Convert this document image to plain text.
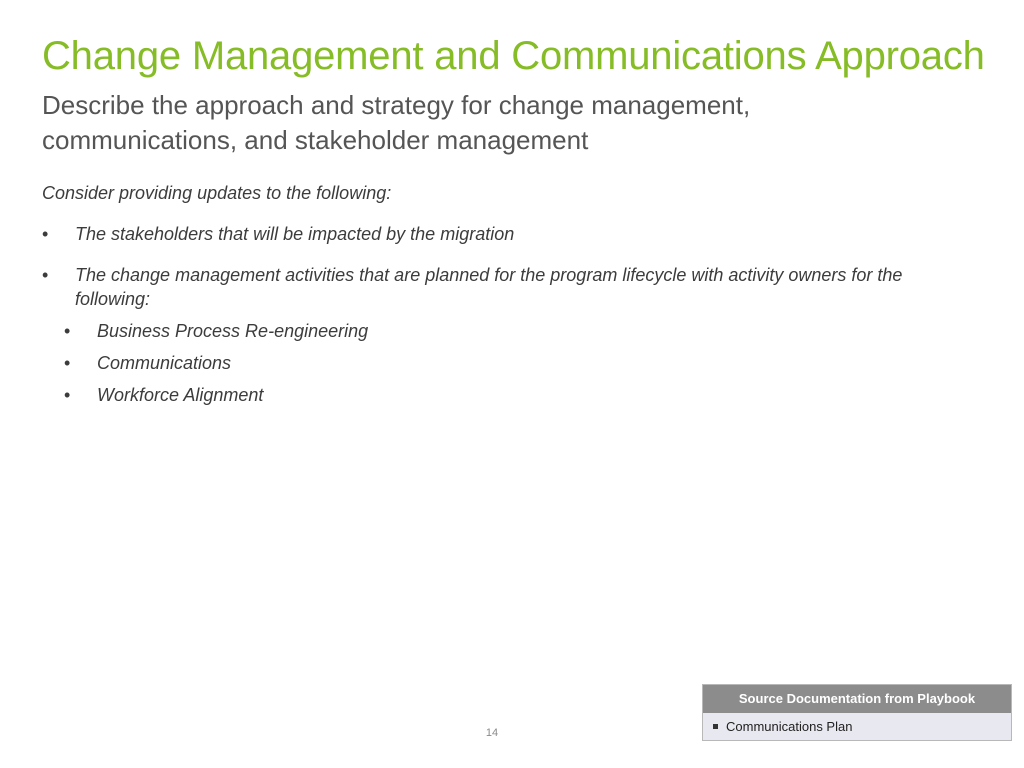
Change Management and Communications Approach

Describe the approach and strategy for change management, communications, and stakeholder management

Consider providing updates to the following:

• The stakeholders that will be impacted by the migration
• The change management activities that are planned for the program lifecycle with activity owners for the following:
• Business Process Re-engineering
• Communications
• Workforce Alignment
14
Source Documentation from Playbook
Communications Plan
